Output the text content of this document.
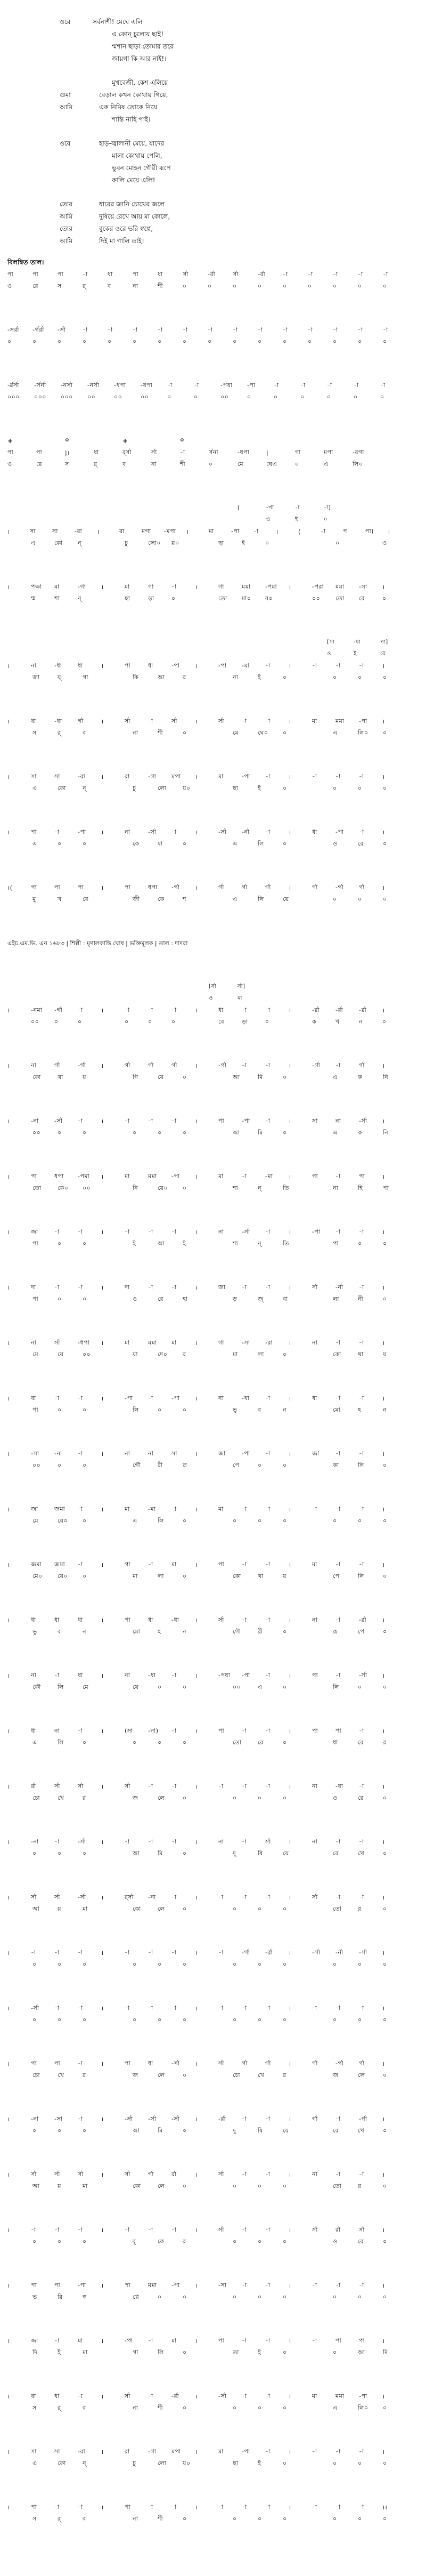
ওরে	সর্বনাশী! মেঘে এলি
এ কোন্ চুলোয় ছাই!
শ্মশান ছাড়া তোমার তরে
জায়গা কি আর নাই!।
মুখবেজী, কেশ এলিয়ে
গুমা	বেড়াল কখন কোথায় গিয়ে,
আমি	এক নিমিষ তোকে নিয়ে
শান্তি নাহি পাই।
ওরে	হাড়-জ্বালানী মেয়ে, যাদের
মালা কোথায় পেলি,
ভুবন মোহন গৌরী রূপে
কালি মেয়ে এলি!
তোর	ধারের জানি চোখের জলে
আমি	দুষিয়ে রেখে আয় মা কোলে,
তোর	বুকের ওরে ভরি স্বপ্নে,
আমি	দিই মা গালি তাই।
বিলম্বিত তাল।
পা	পা	পা	-া	ধা	পা	ধা	র্সা	-র্রা	র্সা	-র্রা	-া	-া	-া	-া	-া
ও	রে	স	র্	ব	না	শী	০	০	০	০	০	০	০	০	০
-সর্রা	-র্গর্রা	-র্সা	-া	-া	-া	-া	-া	-া	-া	-া	-া	-া	-া	-া	-া
০	০	০	০	০	০	০	০	০	০	০	০	০	০	০	০
-র্র্রর্সা	-র্সর্না	-নর্সা	-নর্সা	-ধপা	-ধপা	-া	-া	-পধা	-পা	-া	-া	-া	-া	-া
০০০	০০০	০০০	০০	০০	০০	০	০	০০	০	০	০	০	০	০
+	০	+	০
পা	পা	|।	ধা	র্র্সা	র্সা	-া	র্সনা	-ধপা	|	গা	মপা	-রগা
ও	রে	স	র্	ব	না	শী	০	মে	ঘেএ	০	এ	লি০
[	-পা	-া	-া]
ও	ই	০
।	সা	সা	-রা	।	রা	মগা	-মপা	।	মা	-পা	-া	।	(	-া	প	পা)	।
এ	কো	ন্	চু	লো০	য়০	ছা	ই	০	০	ও
।	পক্ষা	মা	-গা	।	মা	গা	-া	।	গা	মমা	-পমা	।	-পরা	মমা	-সা	।
শ্ম	শা	ন্	ছা	ড়া	০	তো	মা০	র০	০০	তো	রে	০
[সা	-ধা	পা]
ও	ই	রে
।	না	-ধা	ধা	।	পা	ধা	-পা	।	-পা	-মা	-া	।	-া	-া	-া	।
জা	য়্	গা	কি	আ	র	না	ই	০	০	০	০
।	ধা	-ধা	র্গা	।	র্সা	-া	র্সা	।	র্সা	-া	-া	।	মা	মমা	-পা	।
স	র্	ব	না	শী	০	মে	ঘে০	০	এ	লি০	০
।	সা	সা	-রা	।	রা	-গা	মপা	।	মা	-পা	-া	।	-া	-া	-া	।
এ	কো	ন্	চু	লো	য়০	ছা	ই	০	০	০	০
।	পা	-া	-পা	।	না	-র্সা	-া	।	-র্সা	-র্না	-া	।	ধা	-পা	-া	।
এ	০	০	কে	ষা	০	এ	লি	০	ও	রে	০
।(	পা	পা	পা	।	পা	ধপা	-র্গা	।	র্গা	র্গা	র্গা	।	র্গা	-র্গা	র্গা	।
মু	খ	বে	জী	কে	শ	এ	লি	য়ে	০	০	০
এইচ.এম.ভি. এন ১৬৮৩ | শিল্পী : মৃণালকান্তি ঘোষ | ভক্তিমূলক | তাল : দাদরা
[র্সা	র্সা]
ও	মা
।	-নমা	-র্গা	-া	।	-া	-া	-া	।	ধা	-া	-া	।	-র্রা	-র্রা	-র্রা	।
০০	০	০	০	০	০	বে	ড়া	০	ক	খ	ন	০
।	না	র্গা	-র্গা	।	র্গা	র্গা	র্গা	।	-র্গা	-া	-া	।	-র্গা	-া	র্গা	।
কো	থা	য়	গি	য়ে	০	আ	মি	০	এ	ক	নি
।	-না	-র্সা	-া	।	-া	-া	-া	।	পা	-পা	-া	।	সা	না	-র্সা	।
০০	০	০	০	০	০	আ	মি	০	এ	ক	নি
।	পা	ধপা	-পমা	।	মা	মমা	-পা	।	মা	-া	-মা	।	পা	-া	পা	।
তো	কে০	০০	নি	য়ে০	০	শা	ন্	তি	না	হি	পা
।	জা	-া	-া	।	-া	-া	-া	।	না	-র্সা	-া	।	-পা	-া	-া	।
পা	০	০	ই	আ	ই	শা	ন্	তি	পা	০	০
।	দা	-া	-া	।	দা	-া	-া	।	জা	-া	-া	।	র্সা	-র্না	-া	।
পা	০	০	ও	রে	হা	ড়	জ্	বা	লা	নী	০
।	না	র্সা	-ধপা	।	মা	মমা	মা	।	গা	-সা	-রা	।	না	-া	-া	।
মে	য়ে	০০	যা	দে০	র	মা	লা	০	কো	থা	য়
।	ধা	-া	-া	।	-পা	-া	-পা	।	না	-ধা	-া	।	ধা	-া	-া	।
পা	০	০	লি	০	০	ভু	ব	ন	মো	হ	ন
।	-সা	-না	-া	।	না	না	সা	।	জা	-পা	-া	।	জা	-া	-া	।
০০	০	০	গৌ	রী	রূ	পে	০	০	কা	লি	০
।	জা	জমা	-া	।	মা	-মা	-া	।	মা	-া	-া	।	-া	-া	-া	।
মে	য়ে০	০	এ	লি	০	০	০	০	০	০	০
।	জমা	জমা	-া	।	গা	-া	মা	।	পা	-া	-া	।	মা	-া	-া	।
মে০	য়ে০	০	মা	লা	০	কো	থা	য়	পে	লি	০
।	ধা	ধা	ধা	।	পা	ধা	-ধা	।	র্সা	-া	-া	।	না	-া	-র্রা	।
ভু	ব	ন	মো	হ	ন	গৌ	রী	০	রূ	পে	০
।	না	-া	ধা	।	না	-ধা	-া	।	-পধা	-পা	-া	।	পা	-া	-র্সা	।
কৌ	লি	মে	য়ে	০	০	০০	এ	০	লি	০	০
।	ধা	না	-া	।	(সা	-না)	-া	।	পা	-া	-া	।	পা	পা	-া	।
এ	লি	০	০	০	০	তো	রে	০	ধা	রে	র
।	র্রা	র্সা	র্সা	।	র্সা	-া	-া	।	-া	-া	-া	।	না	-ধা	-া	।
চো	খে	র	জ	লে	০	০	০	০	ও	রে	০
।	-না	-া	-র্সা	।	-া	-া	-া	।	না	-া	র্সা	।	না	-া	-া	।
০	০	০	আ	মি	০	দু	ষি	য়ে	রে	খে	০
।	র্সা	র্সা	-র্সা	।	র্র্সা	-না	-া	।	-া	-া	-া	।	র্সা	-া	-া	।
আ	য়	মা	কো	লে	০	০	০	০	তো	র	০
।	-া	-া	-া	।	-া	-া	-া	।	-া	-র্গা	-র্রা	।	-র্সা	-র্না	-র্সা	।
০	০	০	০	০	০	০	০	০	০	০	০
।	-র্সা	-া	-া	।	-া	-া	-া	।	-া	-া	-া	।	-া	-া	-া	।
০	০	০	০	০	০	০	০	০	০	০	০
।	পা	পা	-া	।	পা	ধা	-র্সা	।	র্সা	র্গা	র্গা	।	র্গা	-র্গা	র্গা	।
চো	খে	র	জ	লে	০	চো	খে	র	জ	লে	০
।	-না	-সা	-া	।	-র্সা	-র্সা	-র্সা	।	-র্রা	-া	-া	।	র্গা	-া	-র্গা	।
০	০	০	আ	মি	০	দু	ষি	য়ে	রে	খে	০
।	র্সা	র্সা	র্সা	।	র্সা	র্গা	র্রা	।	র্সা	-া	-া	।	না	-া	-া	।
আ	য়	মা	কো	লে	০	০	০	০	তো	র	০
।	-া	-া	-া	।	-া	-া	-া	।	র্সা	-া	-া	।	র্সা	র্রা	র্সা	।
০	০	০	বু	কে	র	০	০	০	ও	রে	০
।	পা	পা	-পা	।	পা	মমা	-পা	।	-সা	-া	-া	।	-া	-া	-া	।
ভ	রি	স্ব	প্নে	০	০	০	০	০	০	০	০
।	জা	-া	মা	।	-পা	-া	মা	।	পা	-া	-া	।	-া	পা	পা	।
দি	ই	মা	গা	লি	০	তা	ই	০	০	আ	মি
।	ধা	ধা	-া	।	র্সা	-া	-র্রা	।	-র্সা	-া	-া	।	মা	মমা	-পা	।
স	র্	ব	না	শী	০	০	০	০	এ	লি০	০
।	সা	সা	-রা	।	রা	-গা	মপা	।	মা	-পা	-া	।	-া	-া	-া	।
এ	কো	ন্	চু	লো	য়০	ছা	ই	০	০	০	০
।	পা	-া	-া	।	পা	-া	-া	।	-া	-া	-া	।	-া	-া	-া	।।
স	র্	ব	না	শী	০	০	০	০	০	০	০
